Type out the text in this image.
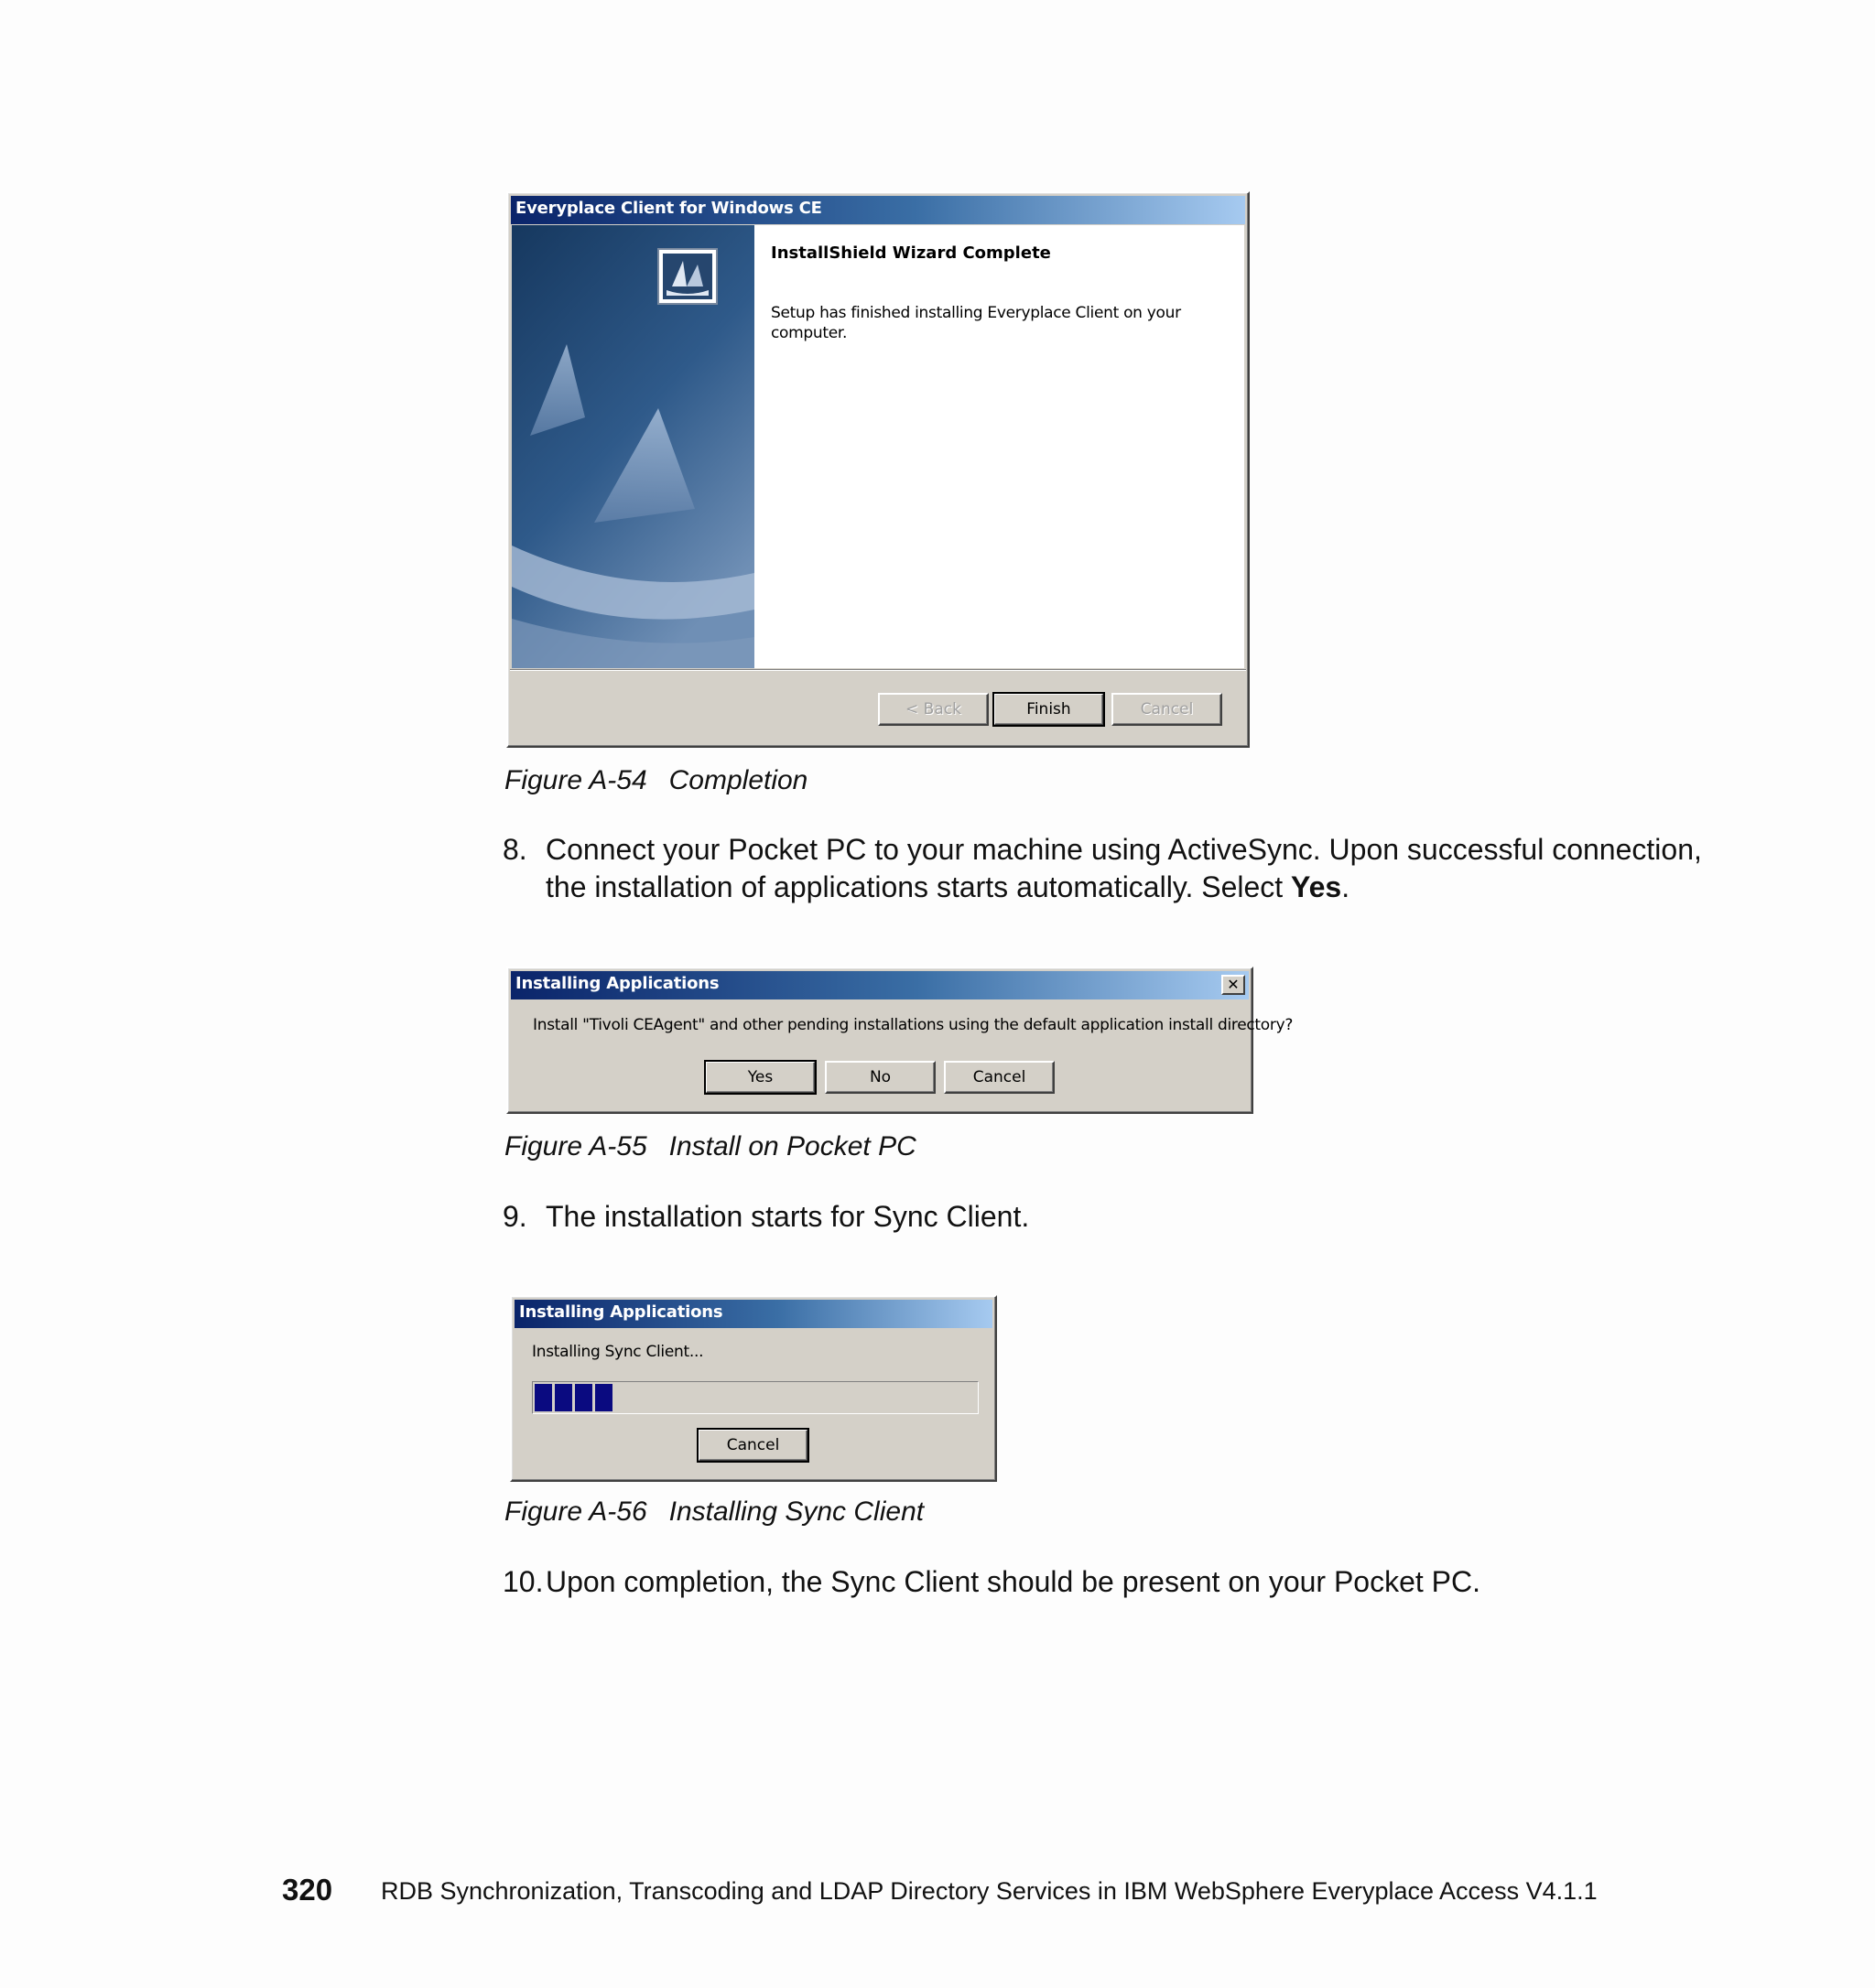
Everyplace Client for Windows CE
InstallShield Wizard Complete
Setup has finished installing Everyplace Client on your
computer.
< Back	Finish	Cancel
Figure A-54 Completion
8. Connect your Pocket PC to your machine using ActiveSync. Upon successful connection, the installation of applications starts automatically. Select Yes.
Installing Applications	✕
Install "Tivoli CEAgent" and other pending installations using the default application install directory?
Yes	No	Cancel
Figure A-55 Install on Pocket PC
9. The installation starts for Sync Client.
Installing Applications
Installing Sync Client...
Cancel
Figure A-56 Installing Sync Client
10. Upon completion, the Sync Client should be present on your Pocket PC.
320 RDB Synchronization, Transcoding and LDAP Directory Services in IBM WebSphere Everyplace Access V4.1.1
